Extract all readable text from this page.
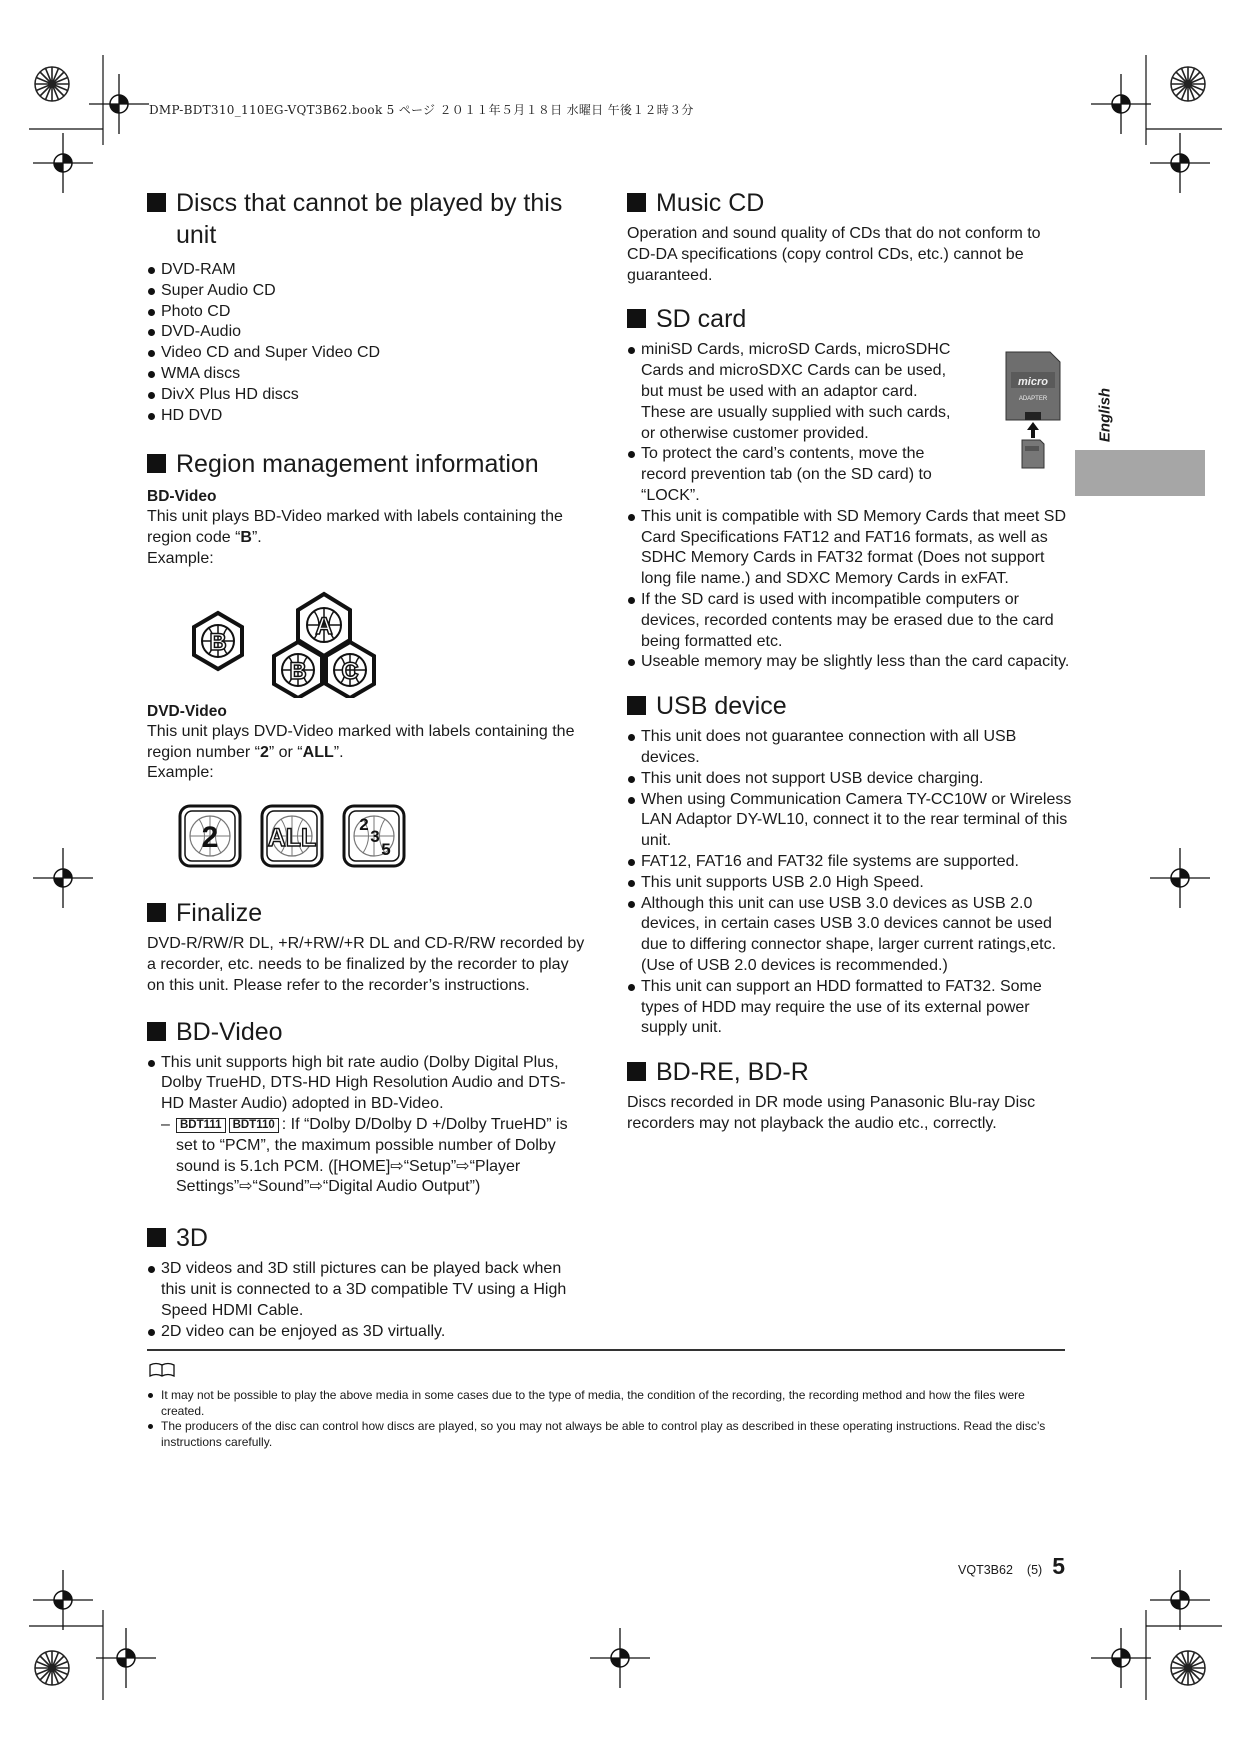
DMP-BDT310_110EG-VQT3B62.book 5 ページ ２０１１年５月１８日 水曜日 午後１２時３分
English
Discs that cannot be played by this unit
DVD-RAM
Super Audio CD
Photo CD
DVD-Audio
Video CD and Super Video CD
WMA discs
DivX Plus HD discs
HD DVD
Region management information
BD-Video

This unit plays BD-Video marked with labels containing the region code “B”.

Example:

B
A
B C
DVD-Video

This unit plays DVD-Video marked with labels containing the region number “2” or “ALL”.

Example:

2 ALL	2
3
5
Finalize

DVD-R/RW/R DL, +R/+RW/+R DL and CD-R/RW recorded by a recorder, etc. needs to be finalized by the recorder to play on this unit. Please refer to the recorder’s instructions.

BD-Video
This unit supports high bit rate audio (Dolby Digital Plus, Dolby TrueHD, DTS-HD High Resolution Audio and DTS-HD Master Audio) adopted in BD-Video.
– BDT111 BDT110 : If “Dolby D/Dolby D +/Dolby TrueHD” is set to “PCM”, the maximum possible number of Dolby sound is 5.1ch PCM. ([HOME]⇨“Setup”⇨“Player Settings”⇨“Sound”⇨“Digital Audio Output”)
3D
3D videos and 3D still pictures can be played back when this unit is connected to a 3D compatible TV using a High Speed HDMI Cable.
2D video can be enjoyed as 3D virtually.
Music CD

Operation and sound quality of CDs that do not conform to CD-DA specifications (copy control CDs, etc.) cannot be guaranteed.

SD card
micro
ADAPTER
miniSD Cards, microSD Cards, microSDHC
Cards and microSDXC Cards can be used,
but must be used with an adaptor card.
These are usually supplied with such cards,
or otherwise customer provided.
To protect the card’s contents, move the
record prevention tab (on the SD card) to
“LOCK”.
This unit is compatible with SD Memory Cards that meet SD Card Specifications FAT12 and FAT16 formats, as well as SDHC Memory Cards in FAT32 format (Does not support long file name.) and SDXC Memory Cards in exFAT.
If the SD card is used with incompatible computers or devices, recorded contents may be erased due to the card being formatted etc.
Useable memory may be slightly less than the card capacity.
USB device
This unit does not guarantee connection with all USB devices.
This unit does not support USB device charging.
When using Communication Camera TY-CC10W or Wireless LAN Adaptor DY-WL10, connect it to the rear terminal of this unit.
FAT12, FAT16 and FAT32 file systems are supported.
This unit supports USB 2.0 High Speed.
Although this unit can use USB 3.0 devices as USB 2.0 devices, in certain cases USB 3.0 devices cannot be used due to differing connector shape, larger current ratings,etc. (Use of USB 2.0 devices is recommended.)
This unit can support an HDD formatted to FAT32. Some types of HDD may require the use of its external power supply unit.
BD-RE, BD-R

Discs recorded in DR mode using Panasonic Blu-ray Disc recorders may not playback the audio etc., correctly.

It may not be possible to play the above media in some cases due to the type of media, the condition of the recording, the recording method and how the files were created.
The producers of the disc can control how discs are played, so you may not always be able to control play as described in these operating instructions. Read the disc’s instructions carefully.
VQT3B62 (5) 5
